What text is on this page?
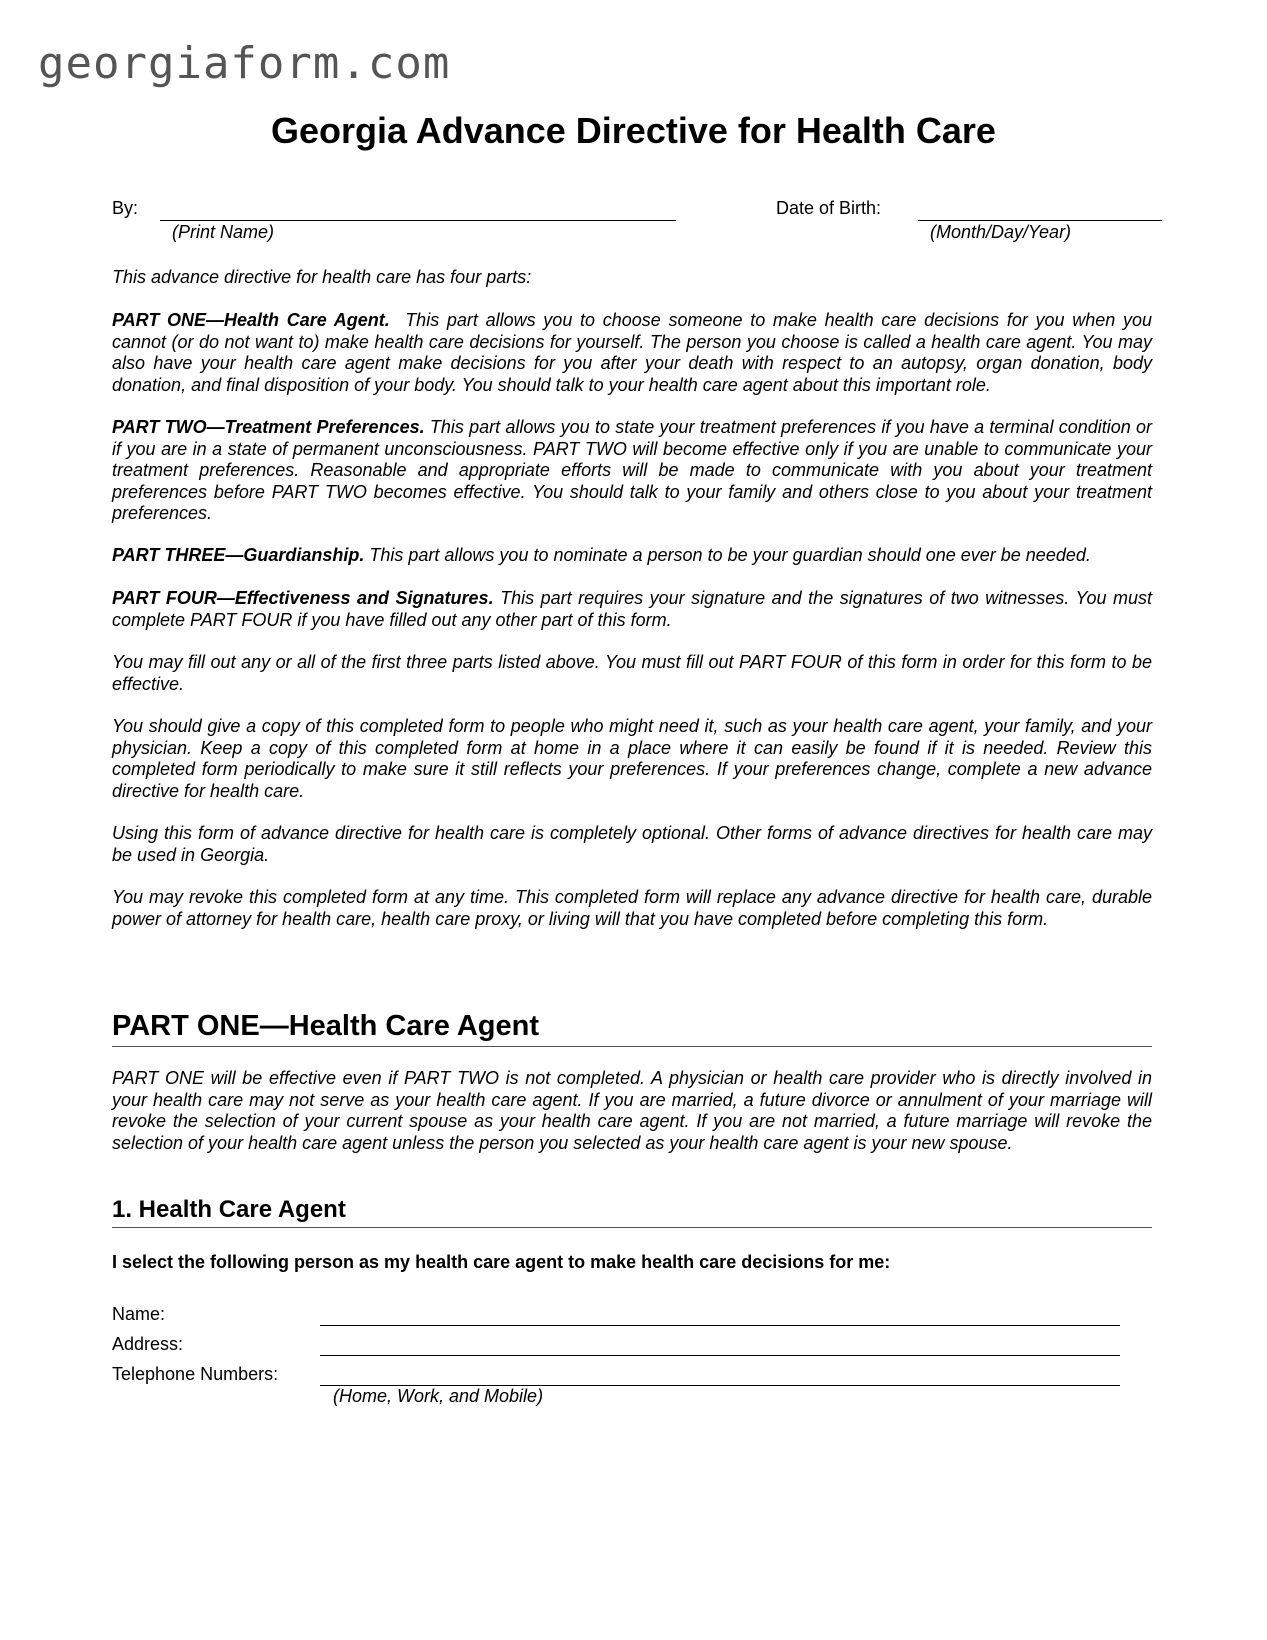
georgiaform.com
Georgia Advance Directive for Health Care
By:
(Print Name)
Date of Birth:
(Month/Day/Year)

This advance directive for health care has four parts:

PART ONE—Health Care Agent. This part allows you to choose someone to make health care decisions for you when you cannot (or do not want to) make health care decisions for yourself. The person you choose is called a health care agent. You may also have your health care agent make decisions for you after your death with respect to an autopsy, organ donation, body donation, and final disposition of your body. You should talk to your health care agent about this important role.

PART TWO—Treatment Preferences. This part allows you to state your treatment preferences if you have a terminal condition or if you are in a state of permanent unconsciousness. PART TWO will become effective only if you are unable to communicate your treatment preferences. Reasonable and appropriate efforts will be made to communicate with you about your treatment preferences before PART TWO becomes effective. You should talk to your family and others close to you about your treatment preferences.

PART THREE—Guardianship. This part allows you to nominate a person to be your guardian should one ever be needed.

PART FOUR—Effectiveness and Signatures. This part requires your signature and the signatures of two witnesses. You must complete PART FOUR if you have filled out any other part of this form.

You may fill out any or all of the first three parts listed above. You must fill out PART FOUR of this form in order for this form to be effective.

You should give a copy of this completed form to people who might need it, such as your health care agent, your family, and your physician. Keep a copy of this completed form at home in a place where it can easily be found if it is needed. Review this completed form periodically to make sure it still reflects your preferences. If your preferences change, complete a new advance directive for health care.

Using this form of advance directive for health care is completely optional. Other forms of advance directives for health care may be used in Georgia.

You may revoke this completed form at any time. This completed form will replace any advance directive for health care, durable power of attorney for health care, health care proxy, or living will that you have completed before completing this form.

PART ONE—Health Care Agent

PART ONE will be effective even if PART TWO is not completed. A physician or health care provider who is directly involved in your health care may not serve as your health care agent. If you are married, a future divorce or annulment of your marriage will revoke the selection of your current spouse as your health care agent. If you are not married, a future marriage will revoke the selection of your health care agent unless the person you selected as your health care agent is your new spouse.

1. Health Care Agent
I select the following person as my health care agent to make health care decisions for me:
Name:
Address:
Telephone Numbers:
(Home, Work, and Mobile)
